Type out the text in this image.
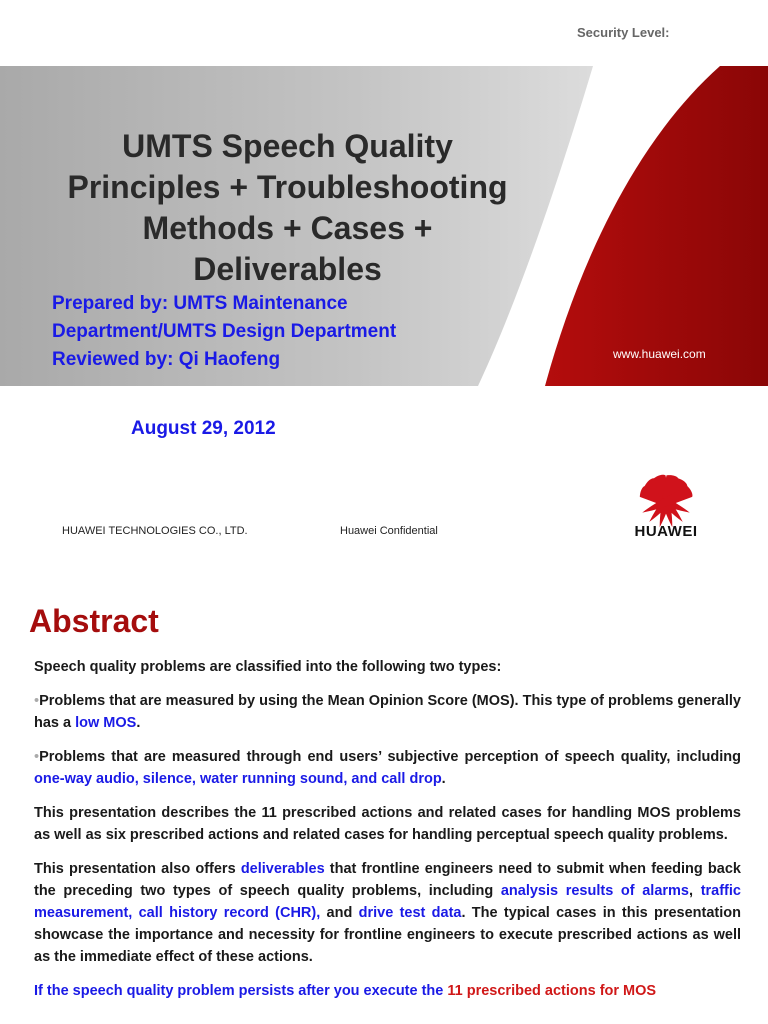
Security Level:
UMTS Speech Quality
Principles + Troubleshooting
Methods + Cases +
Deliverables
Prepared by: UMTS Maintenance
Department/UMTS Design Department
Reviewed by: Qi Haofeng	www.huawei.com
August 29, 2012
HUAWEI TECHNOLOGIES CO., LTD.	Huawei Confidential	HUAWEI
Abstract

Speech quality problems are classified into the following two types:

•Problems that are measured by using the Mean Opinion Score (MOS). This type of problems generally has a low MOS.

•Problems that are measured through end users’ subjective perception of speech quality, including one-way audio, silence, water running sound, and call drop.

This presentation describes the 11 prescribed actions and related cases for handling MOS problems as well as six prescribed actions and related cases for handling perceptual speech quality problems.

This presentation also offers deliverables that frontline engineers need to submit when feeding back the preceding two types of speech quality problems, including analysis results of alarms, traffic measurement, call history record (CHR), and drive test data. The typical cases in this presentation showcase the importance and necessity for frontline engineers to execute prescribed actions as well as the immediate effect of these actions.

If the speech quality problem persists after you execute the 11 prescribed actions for MOS
